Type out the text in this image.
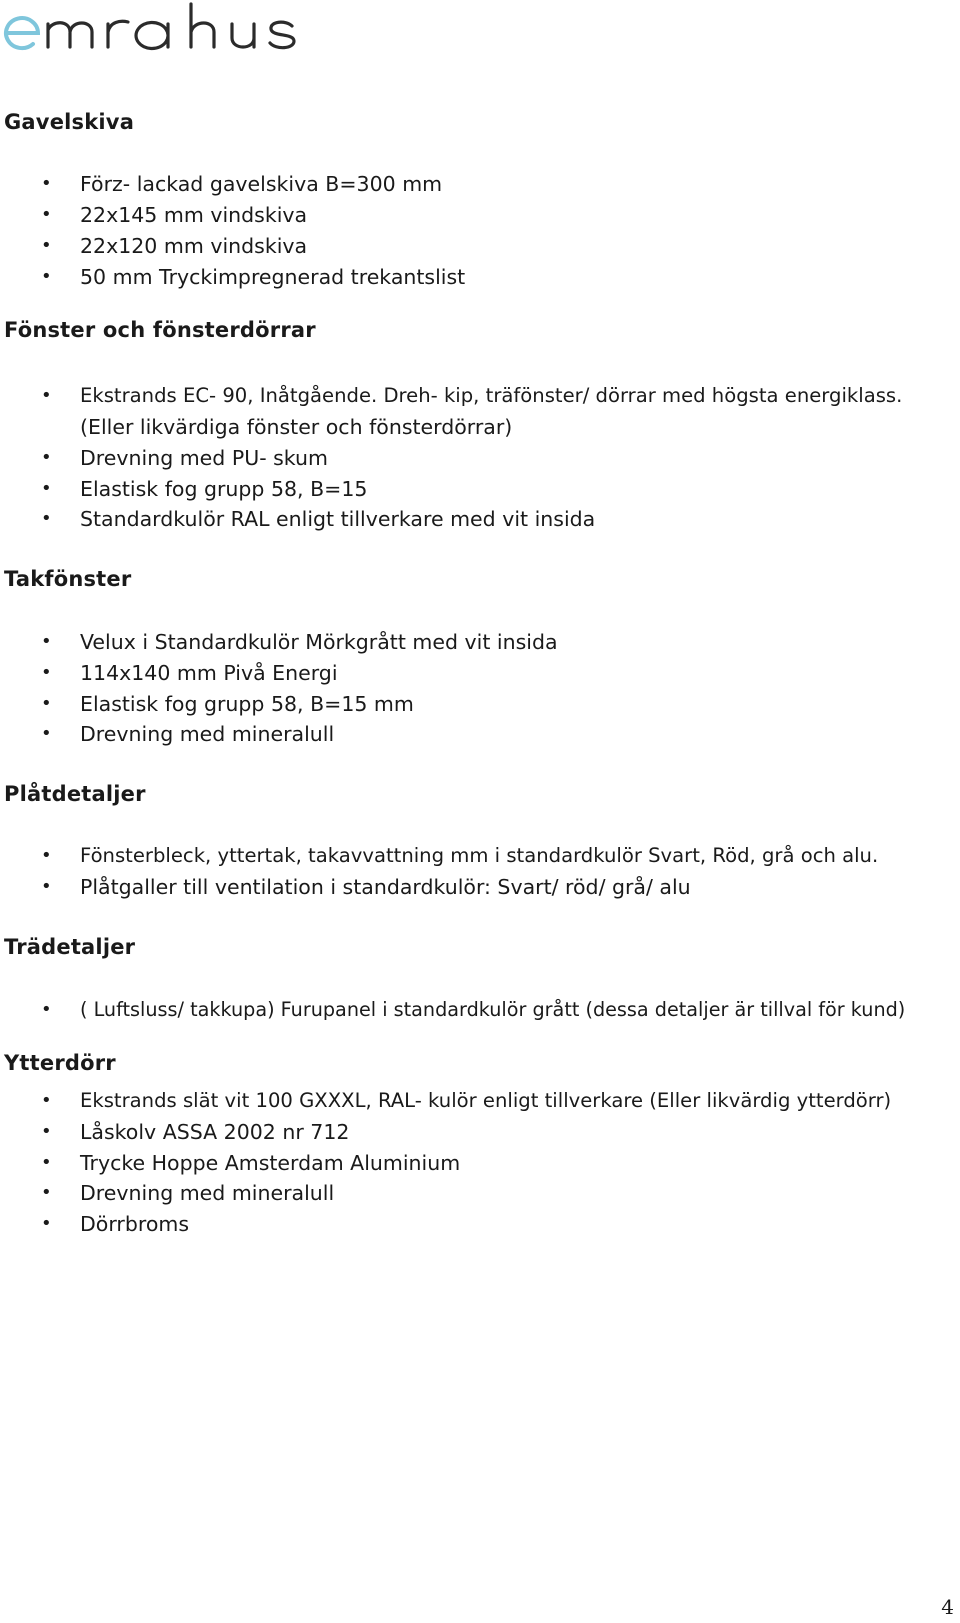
Gavelskiva
• Förz- lackad gavelskiva B=300 mm
• 22x145 mm vindskiva
• 22x120 mm vindskiva
• 50 mm Tryckimpregnerad trekantslist
Fönster och fönsterdörrar
• Ekstrands EC- 90, Inåtgående. Dreh- kip, träfönster/ dörrar med högsta energiklass.
(Eller likvärdiga fönster och fönsterdörrar)
• Drevning med PU- skum
• Elastisk fog grupp 58, B=15
• Standardkulör RAL enligt tillverkare med vit insida
Takfönster
• Velux i Standardkulör Mörkgrått med vit insida
• 114x140 mm Pivå Energi
• Elastisk fog grupp 58, B=15 mm
• Drevning med mineralull
Plåtdetaljer
• Fönsterbleck, yttertak, takavvattning mm i standardkulör Svart, Röd, grå och alu.
• Plåtgaller till ventilation i standardkulör: Svart/ röd/ grå/ alu
Trädetaljer
• ( Luftsluss/ takkupa) Furupanel i standardkulör grått (dessa detaljer är tillval för kund)
Ytterdörr
• Ekstrands slät vit 100 GXXXL, RAL- kulör enligt tillverkare (Eller likvärdig ytterdörr)
• Låskolv ASSA 2002 nr 712
• Trycke Hoppe Amsterdam Aluminium
• Drevning med mineralull
• Dörrbroms
4
